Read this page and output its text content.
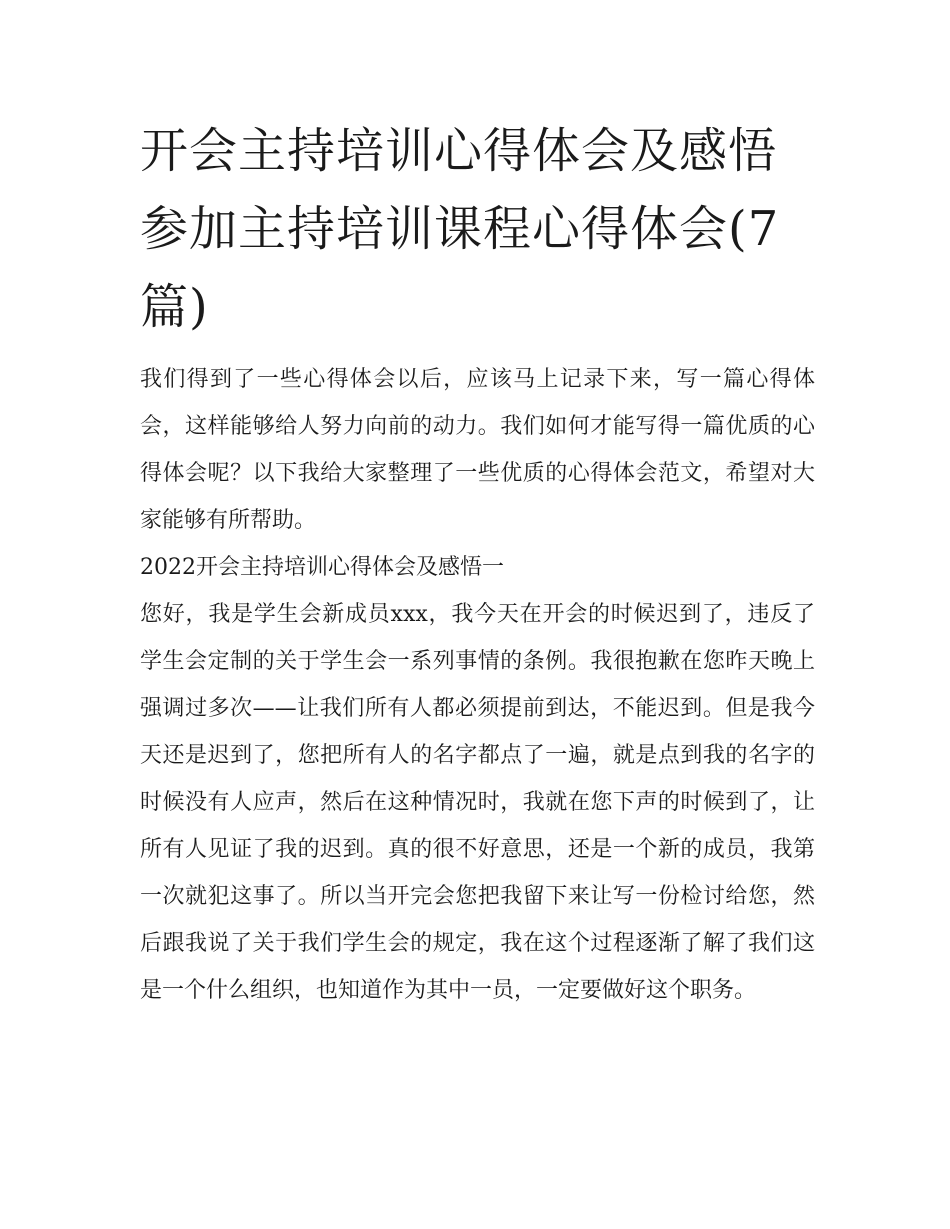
开会主持培训心得体会及感悟参加主持培训课程心得体会(7篇)

我们得到了一些心得体会以后，应该马上记录下来，写一篇心得体会，这样能够给人努力向前的动力。我们如何才能写得一篇优质的心得体会呢？以下我给大家整理了一些优质的心得体会范文，希望对大家能够有所帮助。

2022开会主持培训心得体会及感悟一

您好，我是学生会新成员xxx，我今天在开会的时候迟到了，违反了学生会定制的关于学生会一系列事情的条例。我很抱歉在您昨天晚上强调过多次——让我们所有人都必须提前到达，不能迟到。但是我今天还是迟到了，您把所有人的名字都点了一遍，就是点到我的名字的时候没有人应声，然后在这种情况时，我就在您下声的时候到了，让所有人见证了我的迟到。真的很不好意思，还是一个新的成员，我第一次就犯这事了。所以当开完会您把我留下来让写一份检讨给您，然后跟我说了关于我们学生会的规定，我在这个过程逐渐了解了我们这是一个什么组织，也知道作为其中一员，一定要做好这个职务。
